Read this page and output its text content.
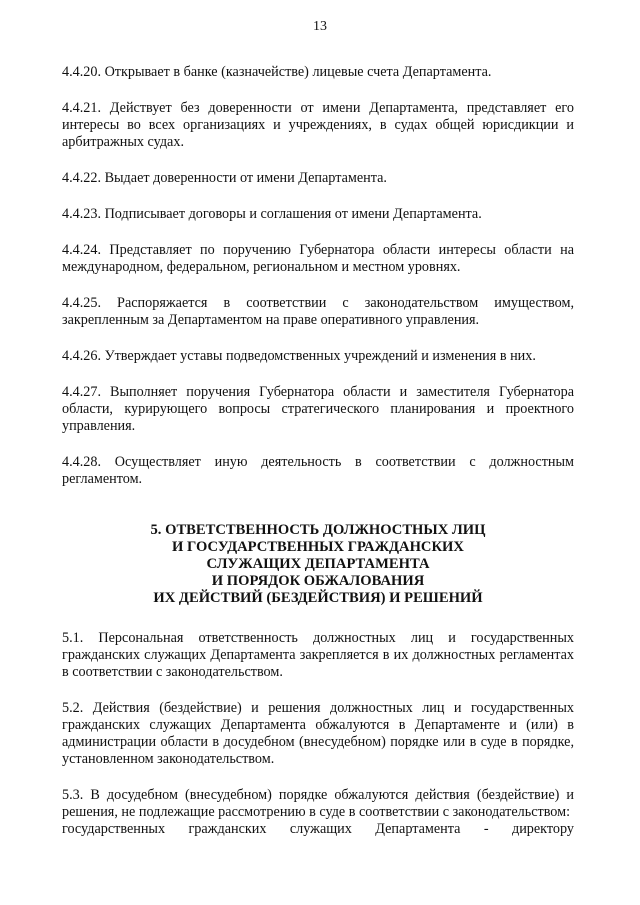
13

4.4.20. Открывает в банке (казначействе) лицевые счета Департамента.

4.4.21. Действует без доверенности от имени Департамента, представляет его интересы во всех организациях и учреждениях, в судах общей юрисдикции и арбитражных судах.

4.4.22. Выдает доверенности от имени Департамента.

4.4.23. Подписывает договоры и соглашения от имени Департамента.

4.4.24. Представляет по поручению Губернатора области интересы области на международном, федеральном, региональном и местном уровнях.

4.4.25. Распоряжается в соответствии с законодательством имуществом, закрепленным за Департаментом на праве оперативного управления.

4.4.26. Утверждает уставы подведомственных учреждений и изменения в них.

4.4.27. Выполняет поручения Губернатора области и заместителя Губернатора области, курирующего вопросы стратегического планирования и проектного управления.

4.4.28. Осуществляет иную деятельность в соответствии с должностным регламентом.

5. ОТВЕТСТВЕННОСТЬ ДОЛЖНОСТНЫХ ЛИЦ
И ГОСУДАРСТВЕННЫХ ГРАЖДАНСКИХ
СЛУЖАЩИХ ДЕПАРТАМЕНТА
И ПОРЯДОК ОБЖАЛОВАНИЯ
ИХ ДЕЙСТВИЙ (БЕЗДЕЙСТВИЯ) И РЕШЕНИЙ

5.1. Персональная ответственность должностных лиц и государственных гражданских служащих Департамента закрепляется в их должностных регламентах в соответствии с законодательством.

5.2. Действия (бездействие) и решения должностных лиц и государственных гражданских служащих Департамента обжалуются в Департаменте и (или) в администрации области в досудебном (внесудебном) порядке или в суде в порядке, установленном законодательством.

5.3. В досудебном (внесудебном) порядке обжалуются действия (бездействие) и решения, не подлежащие рассмотрению в суде в соответствии с законодательством:

государственных гражданских служащих Департамента - директору
